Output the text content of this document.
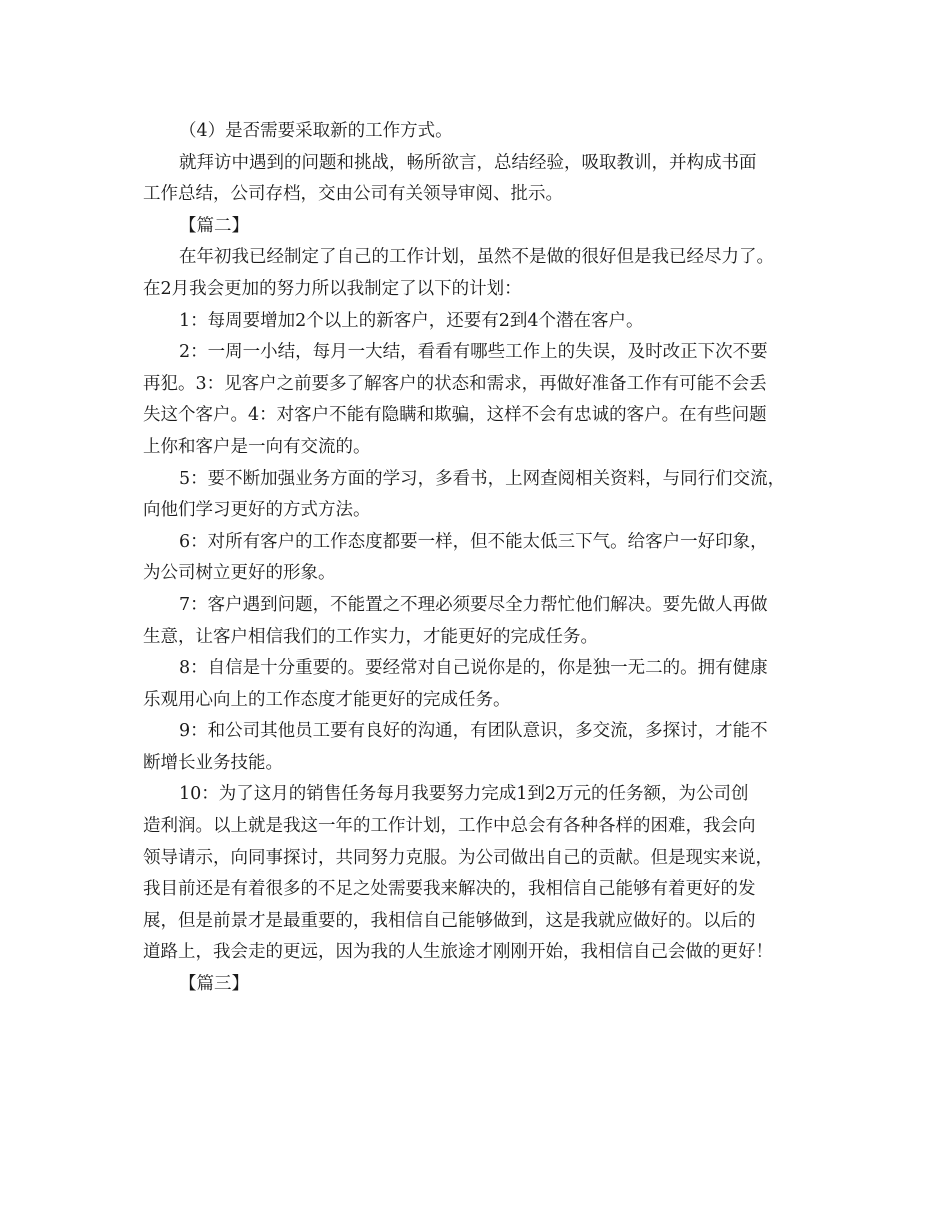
（4）是否需要采取新的工作方式。
就拜访中遇到的问题和挑战，畅所欲言，总结经验，吸取教训，并构成书面
工作总结，公司存档，交由公司有关领导审阅、批示。
【篇二】
在年初我已经制定了自己的工作计划，虽然不是做的很好但是我已经尽力了。
在2月我会更加的努力所以我制定了以下的计划：
1：每周要增加2个以上的新客户，还要有2到4个潜在客户。
2：一周一小结，每月一大结，看看有哪些工作上的失误，及时改正下次不要
再犯。3：见客户之前要多了解客户的状态和需求，再做好准备工作有可能不会丢
失这个客户。4：对客户不能有隐瞒和欺骗，这样不会有忠诚的客户。在有些问题
上你和客户是一向有交流的。
5：要不断加强业务方面的学习，多看书，上网查阅相关资料，与同行们交流，
向他们学习更好的方式方法。
6：对所有客户的工作态度都要一样，但不能太低三下气。给客户一好印象，
为公司树立更好的形象。
7：客户遇到问题，不能置之不理必须要尽全力帮忙他们解决。要先做人再做
生意，让客户相信我们的工作实力，才能更好的完成任务。
8：自信是十分重要的。要经常对自己说你是的，你是独一无二的。拥有健康
乐观用心向上的工作态度才能更好的完成任务。
9：和公司其他员工要有良好的沟通，有团队意识，多交流，多探讨，才能不
断增长业务技能。
10：为了这月的销售任务每月我要努力完成1到2万元的任务额，为公司创
造利润。以上就是我这一年的工作计划，工作中总会有各种各样的困难，我会向
领导请示，向同事探讨，共同努力克服。为公司做出自己的贡献。但是现实来说，
我目前还是有着很多的不足之处需要我来解决的，我相信自己能够有着更好的发
展，但是前景才是最重要的，我相信自己能够做到，这是我就应做好的。以后的
道路上，我会走的更远，因为我的人生旅途才刚刚开始，我相信自己会做的更好！
【篇三】
